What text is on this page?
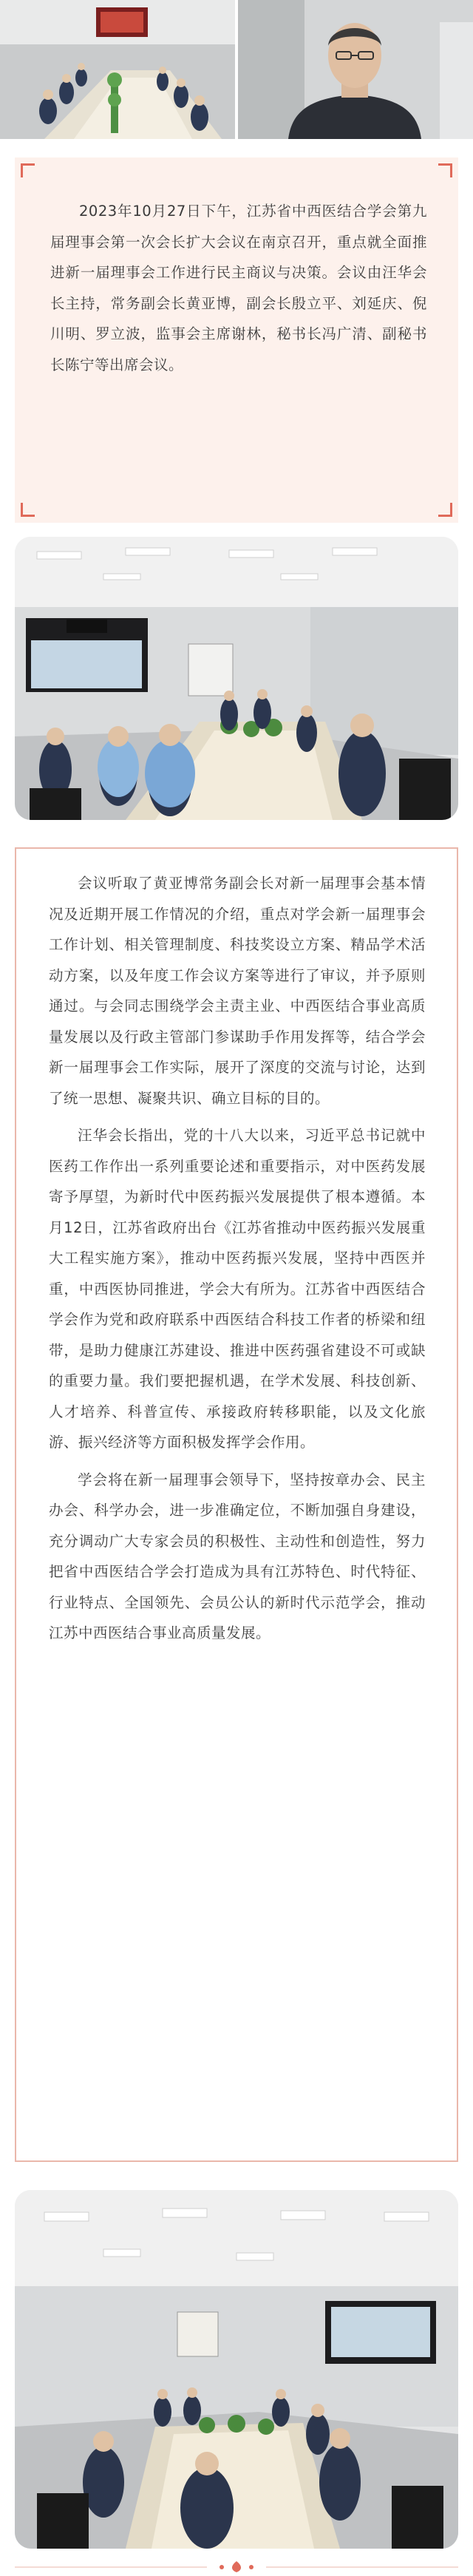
2023年10月27日下午，江苏省中西医结合学会第九届理事会第一次会长扩大会议在南京召开，重点就全面推进新一届理事会工作进行民主商议与决策。会议由汪华会长主持，常务副会长黄亚博，副会长殷立平、刘延庆、倪川明、罗立波，监事会主席谢林，秘书长冯广清、副秘书长陈宁等出席会议。

会议听取了黄亚博常务副会长对新一届理事会基本情况及近期开展工作情况的介绍，重点对学会新一届理事会工作计划、相关管理制度、科技奖设立方案、精品学术活动方案，以及年度工作会议方案等进行了审议，并予原则通过。与会同志围绕学会主责主业、中西医结合事业高质量发展以及行政主管部门参谋助手作用发挥等，结合学会新一届理事会工作实际，展开了深度的交流与讨论，达到了统一思想、凝聚共识、确立目标的目的。

汪华会长指出，党的十八大以来，习近平总书记就中医药工作作出一系列重要论述和重要指示，对中医药发展寄予厚望，为新时代中医药振兴发展提供了根本遵循。本月12日，江苏省政府出台《江苏省推动中医药振兴发展重大工程实施方案》，推动中医药振兴发展，坚持中西医并重，中西医协同推进，学会大有所为。江苏省中西医结合学会作为党和政府联系中西医结合科技工作者的桥梁和纽带，是助力健康江苏建设、推进中医药强省建设不可或缺的重要力量。我们要把握机遇，在学术发展、科技创新、人才培养、科普宣传、承接政府转移职能，以及文化旅游、振兴经济等方面积极发挥学会作用。

学会将在新一届理事会领导下，坚持按章办会、民主办会、科学办会，进一步准确定位，不断加强自身建设，充分调动广大专家会员的积极性、主动性和创造性，努力把省中西医结合学会打造成为具有江苏特色、时代特征、行业特点、全国领先、会员公认的新时代示范学会，推动江苏中西医结合事业高质量发展。
